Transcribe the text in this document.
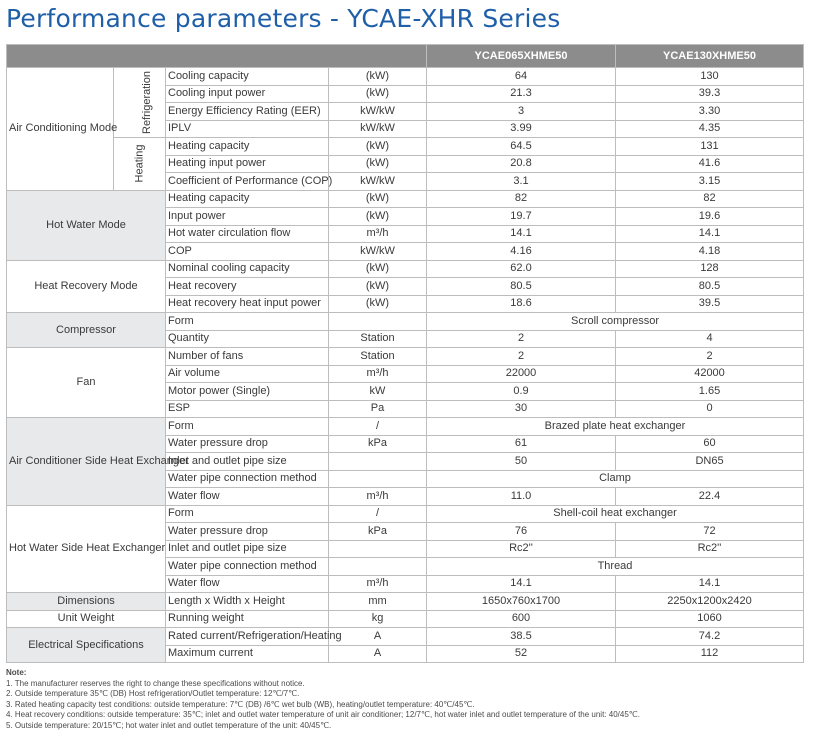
Performance parameters - YCAE-XHR Series
				YCAE065XHME50	YCAE130XHME50
Air Conditioning Mode	Refrigeration	Cooling capacity	(kW)	64	130
		Cooling input power	(kW)	21.3	39.3
		Energy Efficiency Rating (EER)	kW/kW	3	3.30
		IPLV	kW/kW	3.99	4.35
	Heating	Heating capacity	(kW)	64.5	131
		Heating input power	(kW)	20.8	41.6
		Coefficient of Performance (COP)	kW/kW	3.1	3.15
Hot Water Mode		Heating capacity	(kW)	82	82
		Input power	(kW)	19.7	19.6
		Hot water circulation flow	m³/h	14.1	14.1
		COP	kW/kW	4.16	4.18
Heat Recovery Mode		Nominal cooling capacity	(kW)	62.0	128
		Heat recovery	(kW)	80.5	80.5
		Heat recovery heat input power	(kW)	18.6	39.5
Compressor		Form		Scroll compressor	
		Quantity	Station	2	4
Fan		Number of fans	Station	2	2
		Air volume	m³/h	22000	42000
		Motor power (Single)	kW	0.9	1.65
		ESP	Pa	30	0
Air Conditioner Side Heat Exchanger		Form	/	Brazed plate heat exchanger	
		Water pressure drop	kPa	61	60
		Inlet and outlet pipe size		50	DN65
		Water pipe connection method		Clamp	
		Water flow	m³/h	11.0	22.4
Hot Water Side Heat Exchanger		Form	/	Shell-coil heat exchanger	
		Water pressure drop	kPa	76	72
		Inlet and outlet pipe size		Rc2''	Rc2''
		Water pipe connection method		Thread	
		Water flow	m³/h	14.1	14.1
Dimensions		Length x Width x Height	mm	1650x760x1700	2250x1200x2420
Unit Weight		Running weight	kg	600	1060
Electrical Specifications		Rated current/Refrigeration/Heating	A	38.5	74.2
		Maximum current	A	52	112
Note:
1. The manufacturer reserves the right to change these specifications without notice.
2. Outside temperature 35℃ (DB) Host refrigeration/Outlet temperature: 12℃/7℃.
3. Rated heating capacity test conditions: outside temperature: 7℃ (DB) /6℃ wet bulb (WB), heating/outlet temperature: 40℃/45℃.
4. Heat recovery conditions: outside temperature: 35℃; inlet and outlet water temperature of unit air conditioner; 12/7℃, hot water inlet and outlet temperature of the unit: 40/45℃.
5. Outside temperature: 20/15℃; hot water inlet and outlet temperature of the unit: 40/45℃.
